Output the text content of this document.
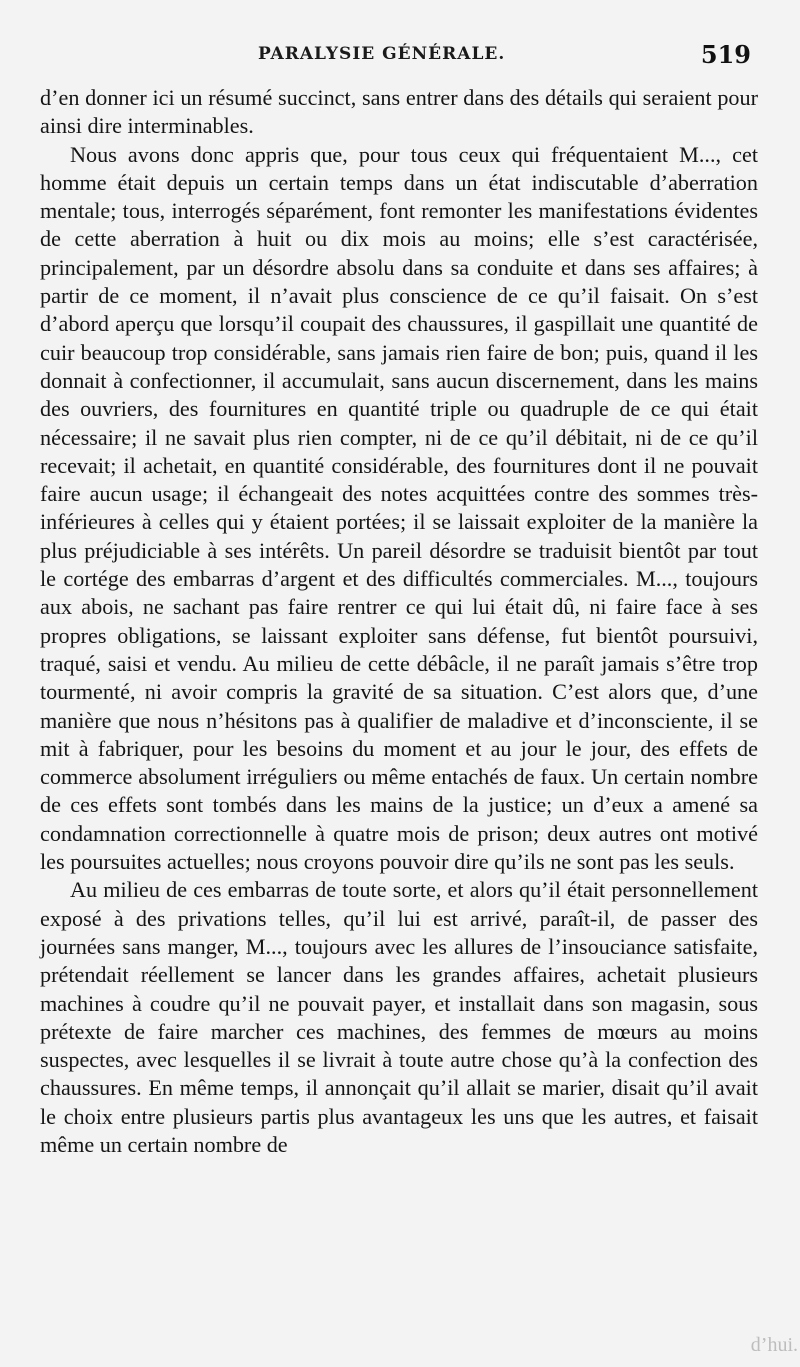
PARALYSIE GÉNÉRALE.	519

d’en donner ici un résumé succinct, sans entrer dans des détails qui seraient pour ainsi dire interminables.

Nous avons donc appris que, pour tous ceux qui fréquentaient M..., cet homme était depuis un certain temps dans un état indiscutable d’aberration mentale; tous, interrogés séparément, font remonter les manifestations évidentes de cette aberration à huit ou dix mois au moins; elle s’est caractérisée, principalement, par un désordre absolu dans sa conduite et dans ses affaires; à partir de ce moment, il n’avait plus conscience de ce qu’il faisait. On s’est d’abord aperçu que lorsqu’il coupait des chaussures, il gaspillait une quantité de cuir beaucoup trop considérable, sans jamais rien faire de bon; puis, quand il les donnait à confectionner, il accumulait, sans aucun discernement, dans les mains des ouvriers, des fournitures en quantité triple ou quadruple de ce qui était nécessaire; il ne savait plus rien compter, ni de ce qu’il débitait, ni de ce qu’il recevait; il achetait, en quantité considérable, des fournitures dont il ne pouvait faire aucun usage; il échangeait des notes acquittées contre des sommes très-inférieures à celles qui y étaient portées; il se laissait exploiter de la manière la plus préjudiciable à ses intérêts. Un pareil désordre se traduisit bientôt par tout le cortége des embarras d’argent et des difficultés commerciales. M..., toujours aux abois, ne sachant pas faire rentrer ce qui lui était dû, ni faire face à ses propres obligations, se laissant exploiter sans défense, fut bientôt poursuivi, traqué, saisi et vendu. Au milieu de cette débâcle, il ne paraît jamais s’être trop tourmenté, ni avoir compris la gravité de sa situation. C’est alors que, d’une manière que nous n’hésitons pas à qualifier de maladive et d’inconsciente, il se mit à fabriquer, pour les besoins du moment et au jour le jour, des effets de commerce absolument irréguliers ou même entachés de faux. Un certain nombre de ces effets sont tombés dans les mains de la justice; un d’eux a amené sa condamnation correctionnelle à quatre mois de prison; deux autres ont motivé les poursuites actuelles; nous croyons pouvoir dire qu’ils ne sont pas les seuls.

Au milieu de ces embarras de toute sorte, et alors qu’il était personnellement exposé à des privations telles, qu’il lui est arrivé, paraît-il, de passer des journées sans manger, M..., toujours avec les allures de l’insouciance satisfaite, prétendait réellement se lancer dans les grandes affaires, achetait plusieurs machines à coudre qu’il ne pouvait payer, et installait dans son magasin, sous prétexte de faire marcher ces machines, des femmes de mœurs au moins suspectes, avec lesquelles il se livrait à toute autre chose qu’à la confection des chaussures. En même temps, il annonçait qu’il allait se marier, disait qu’il avait le choix entre plusieurs partis plus avantageux les uns que les autres, et faisait même un certain nombre de

d’hui.
